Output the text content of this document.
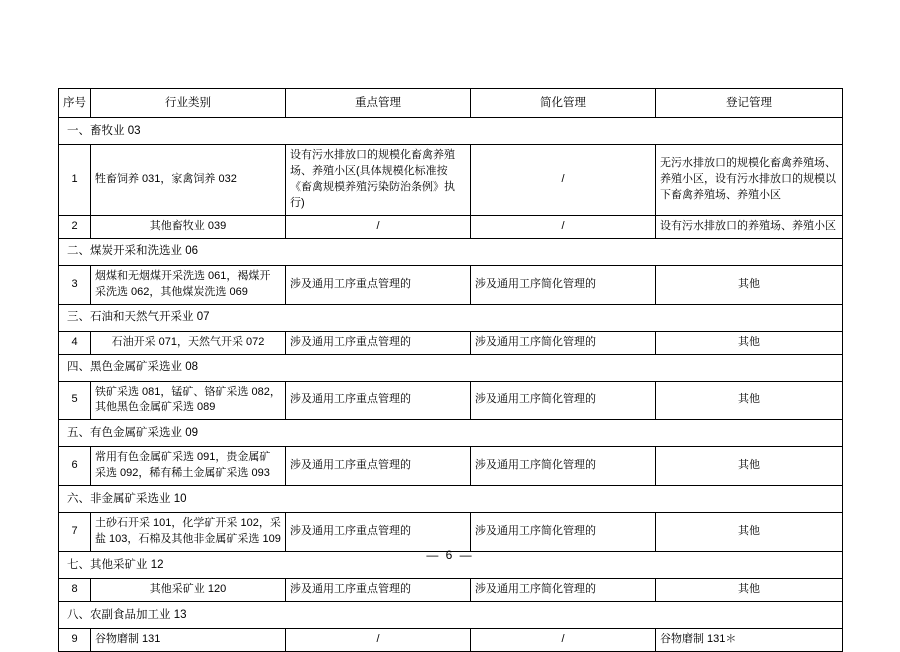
序号	行业类别	重点管理	简化管理	登记管理
一、畜牧业 03				
1	牲畜饲养 031，家禽饲养 032	设有污水排放口的规模化畜禽养殖场、养殖小区(具体规模化标准按《畜禽规模养殖污染防治条例》执行)	/	无污水排放口的规模化畜禽养殖场、养殖小区，设有污水排放口的规模以下畜禽养殖场、养殖小区
2	其他畜牧业 039	/	/	设有污水排放口的养殖场、养殖小区
二、煤炭开采和洗选业 06				
3	烟煤和无烟煤开采洗选 061，褐煤开采洗选 062，其他煤炭洗选 069	涉及通用工序重点管理的	涉及通用工序简化管理的	其他
三、石油和天然气开采业 07				
4	石油开采 071，天然气开采 072	涉及通用工序重点管理的	涉及通用工序简化管理的	其他
四、黑色金属矿采选业 08				
5	铁矿采选 081，锰矿、铬矿采选 082，其他黑色金属矿采选 089	涉及通用工序重点管理的	涉及通用工序简化管理的	其他
五、有色金属矿采选业 09				
6	常用有色金属矿采选 091，贵金属矿采选 092，稀有稀土金属矿采选 093	涉及通用工序重点管理的	涉及通用工序简化管理的	其他
六、非金属矿采选业 10				
7	土砂石开采 101，化学矿开采 102，采盐 103，石棉及其他非金属矿采选 109	涉及通用工序重点管理的	涉及通用工序简化管理的	其他
七、其他采矿业 12				
8	其他采矿业 120	涉及通用工序重点管理的	涉及通用工序简化管理的	其他
八、农副食品加工业 13				
9	谷物磨制 131	/	/	谷物磨制 131＊
— 6 —
